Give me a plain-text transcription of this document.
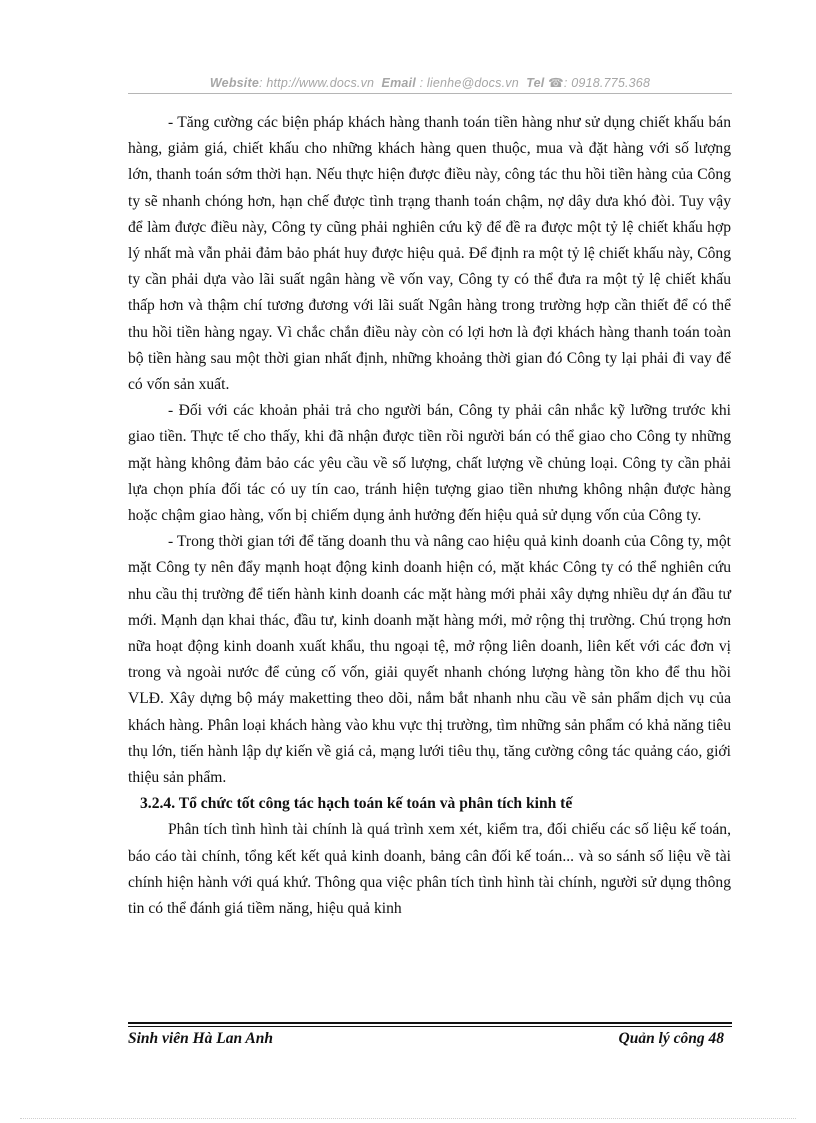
Website: http://www.docs.vn Email : lienhe@docs.vn Tel ☎: 0918.775.368

- Tăng cường các biện pháp khách hàng thanh toán tiền hàng như sử dụng chiết khấu bán hàng, giảm giá, chiết khấu cho những khách hàng quen thuộc, mua và đặt hàng với số lượng lớn, thanh toán sớm thời hạn. Nếu thực hiện được điều này, công tác thu hồi tiền hàng của Công ty sẽ nhanh chóng hơn, hạn chế được tình trạng thanh toán chậm, nợ dây dưa khó đòi. Tuy vậy để làm được điều này, Công ty cũng phải nghiên cứu kỹ để đề ra được một tỷ lệ chiết khấu hợp lý nhất mà vẫn phải đảm bảo phát huy được hiệu quả. Để định ra một tỷ lệ chiết khấu này, Công ty cần phải dựa vào lãi suất ngân hàng về vốn vay, Công ty có thể đưa ra một tỷ lệ chiết khấu thấp hơn và thậm chí tương đương với lãi suất Ngân hàng trong trường hợp cần thiết để có thể thu hồi tiền hàng ngay. Vì chắc chắn điều này còn có lợi hơn là đợi khách hàng thanh toán toàn bộ tiền hàng sau một thời gian nhất định, những khoảng thời gian đó Công ty lại phải đi vay để có vốn sản xuất.

- Đối với các khoản phải trả cho người bán, Công ty phải cân nhắc kỹ lưỡng trước khi giao tiền. Thực tế cho thấy, khi đã nhận được tiền rồi người bán có thể giao cho Công ty những mặt hàng không đảm bảo các yêu cầu về số lượng, chất lượng về chủng loại. Công ty cần phải lựa chọn phía đối tác có uy tín cao, tránh hiện tượng giao tiền nhưng không nhận được hàng hoặc chậm giao hàng, vốn bị chiếm dụng ảnh hưởng đến hiệu quả sử dụng vốn của Công ty.

- Trong thời gian tới để tăng doanh thu và nâng cao hiệu quả kinh doanh của Công ty, một mặt Công ty nên đẩy mạnh hoạt động kinh doanh hiện có, mặt khác Công ty có thể nghiên cứu nhu cầu thị trường để tiến hành kinh doanh các mặt hàng mới phải xây dựng nhiều dự án đầu tư mới. Mạnh dạn khai thác, đầu tư, kinh doanh mặt hàng mới, mở rộng thị trường. Chú trọng hơn nữa hoạt động kinh doanh xuất khẩu, thu ngoại tệ, mở rộng liên doanh, liên kết với các đơn vị trong và ngoài nước để củng cố vốn, giải quyết nhanh chóng lượng hàng tồn kho để thu hồi VLĐ. Xây dựng bộ máy maketting theo dõi, nắm bắt nhanh nhu cầu về sản phẩm dịch vụ của khách hàng. Phân loại khách hàng vào khu vực thị trường, tìm những sản phẩm có khả năng tiêu thụ lớn, tiến hành lập dự kiến về giá cả, mạng lưới tiêu thụ, tăng cường công tác quảng cáo, giới thiệu sản phẩm.

3.2.4. Tổ chức tốt công tác hạch toán kế toán và phân tích kinh tế

Phân tích tình hình tài chính là quá trình xem xét, kiểm tra, đối chiếu các số liệu kế toán, báo cáo tài chính, tổng kết kết quả kinh doanh, bảng cân đối kế toán... và so sánh số liệu về tài chính hiện hành với quá khứ. Thông qua việc phân tích tình hình tài chính, người sử dụng thông tin có thể đánh giá tiềm năng, hiệu quả kinh

Sinh viên Hà Lan Anh	Quản lý công 48
